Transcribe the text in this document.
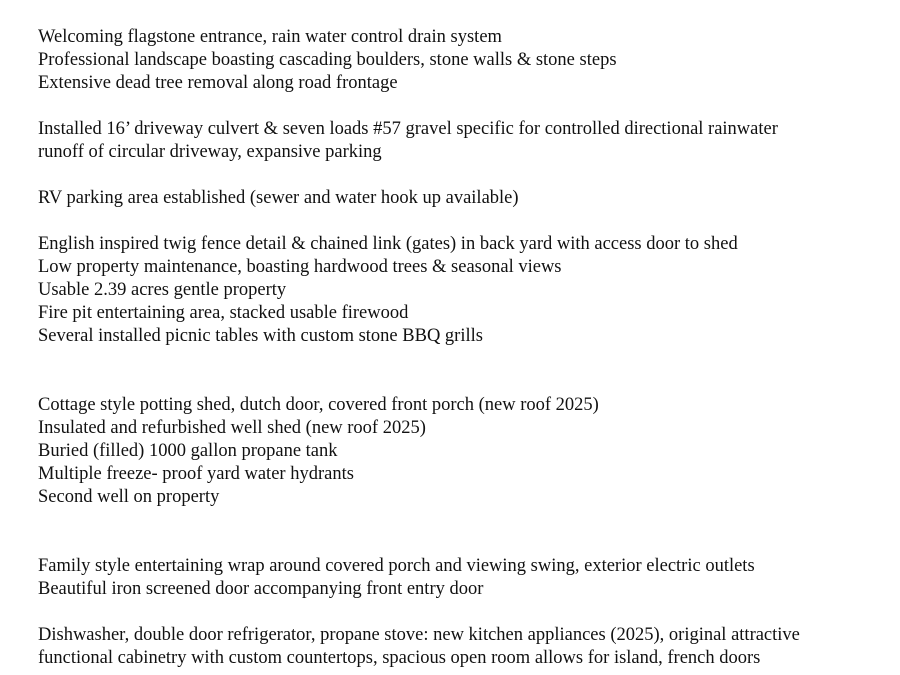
Welcoming flagstone entrance, rain water control drain system
Professional landscape boasting cascading boulders, stone walls & stone steps
Extensive dead tree removal along road frontage

Installed 16’ driveway culvert & seven loads #57 gravel specific for controlled directional rainwater
runoff of circular driveway, expansive parking

RV parking area established (sewer and water hook up available)

English inspired twig fence detail & chained link (gates) in back yard with access door to shed
Low property maintenance, boasting hardwood trees & seasonal views
Usable 2.39 acres gentle property
Fire pit entertaining area, stacked usable firewood
Several installed picnic tables with custom stone BBQ grills

Cottage style potting shed, dutch door, covered front porch (new roof 2025)
Insulated and refurbished well shed (new roof 2025)
Buried (filled) 1000 gallon propane tank
Multiple freeze- proof yard water hydrants
Second well on property

Family style entertaining wrap around covered porch and viewing swing, exterior electric outlets
Beautiful iron screened door accompanying front entry door

Dishwasher, double door refrigerator, propane stove: new kitchen appliances (2025), original attractive
functional cabinetry with custom countertops, spacious open room allows for island, french doors
